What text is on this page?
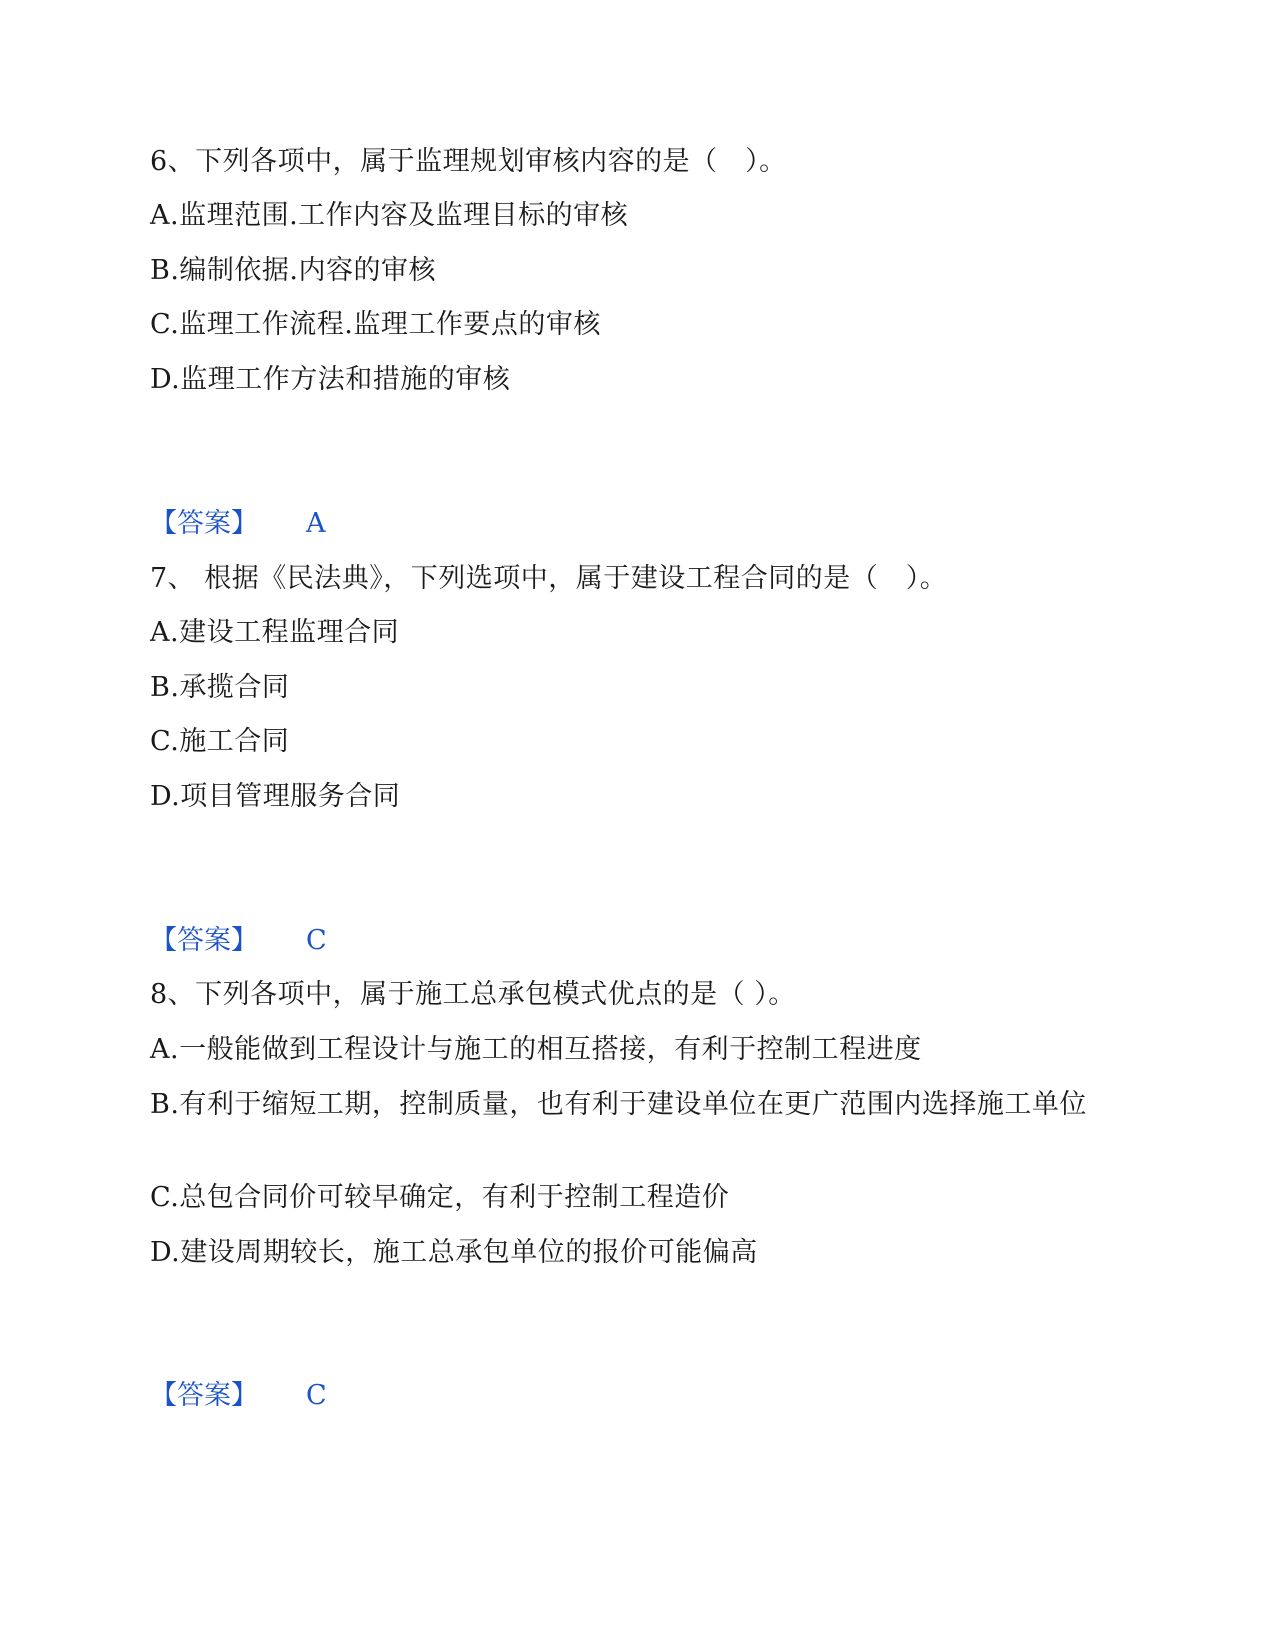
6、下列各项中，属于监理规划审核内容的是（　）。
A.监理范围.工作内容及监理目标的审核
B.编制依据.内容的审核
C.监理工作流程.监理工作要点的审核
D.监理工作方法和措施的审核
【答案】 A
7、 根据《民法典》，下列选项中，属于建设工程合同的是（　）。
A.建设工程监理合同
B.承揽合同
C.施工合同
D.项目管理服务合同
【答案】 C
8、下列各项中，属于施工总承包模式优点的是（ ）。
A.一般能做到工程设计与施工的相互搭接，有利于控制工程进度
B.有利于缩短工期，控制质量，也有利于建设单位在更广范围内选择施工单位
C.总包合同价可较早确定，有利于控制工程造价
D.建设周期较长，施工总承包单位的报价可能偏高
【答案】 C
